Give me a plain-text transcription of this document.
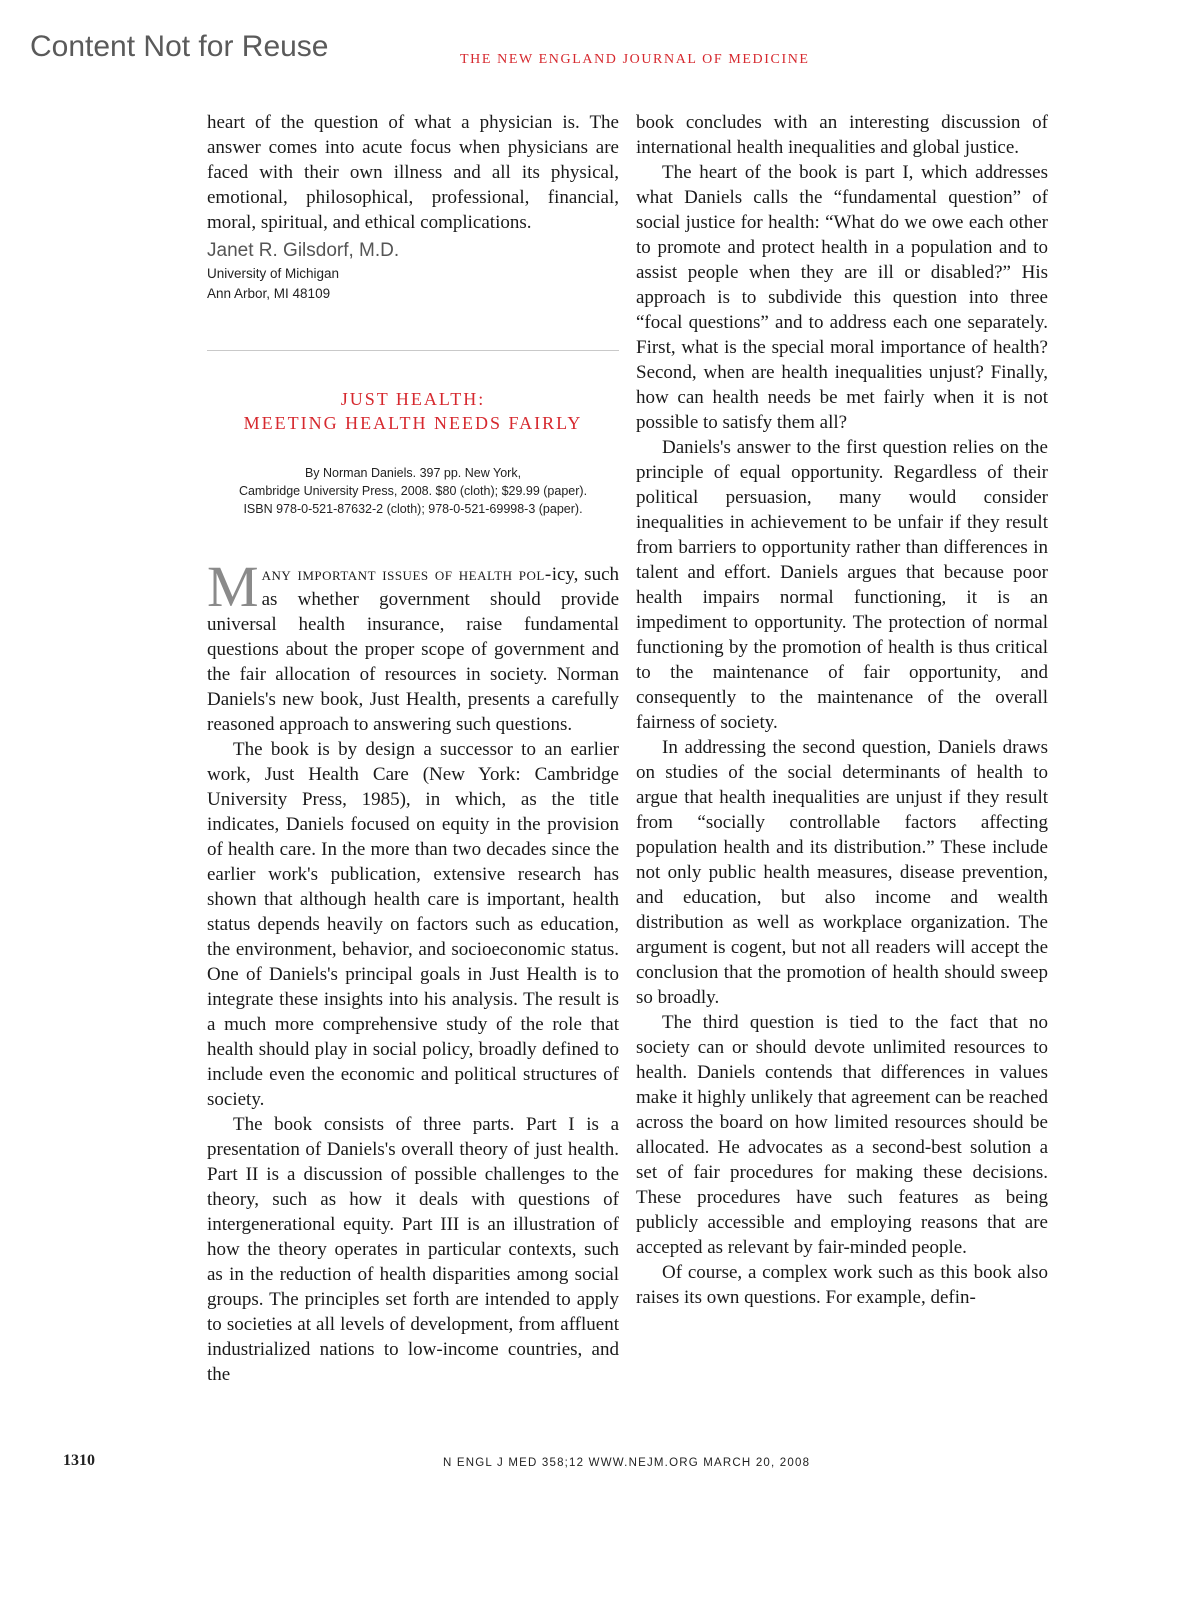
Content Not for Reuse	THE NEW ENGLAND JOURNAL OF MEDICINE

heart of the question of what a physician is. The answer comes into acute focus when physicians are faced with their own illness and all its physical, emotional, philosophical, professional, financial, moral, spiritual, and ethical complications.

Janet R. Gilsdorf, M.D.
University of Michigan
Ann Arbor, MI 48109
JUST HEALTH:
MEETING HEALTH NEEDS FAIRLY
By Norman Daniels. 397 pp. New York,
Cambridge University Press, 2008. $80 (cloth); $29.99 (paper).
ISBN 978-0-521-87632-2 (cloth); 978-0-521-69998-3 (paper).

Many important issues of health pol-icy, such as whether government should provide universal health insurance, raise fundamental questions about the proper scope of government and the fair allocation of resources in society. Norman Daniels's new book, Just Health, presents a carefully reasoned approach to answering such questions.

The book is by design a successor to an earlier work, Just Health Care (New York: Cambridge University Press, 1985), in which, as the title indicates, Daniels focused on equity in the provision of health care. In the more than two decades since the earlier work's publication, extensive research has shown that although health care is important, health status depends heavily on factors such as education, the environment, behavior, and socioeconomic status. One of Daniels's principal goals in Just Health is to integrate these insights into his analysis. The result is a much more comprehensive study of the role that health should play in social policy, broadly defined to include even the economic and political structures of society.

The book consists of three parts. Part I is a presentation of Daniels's overall theory of just health. Part II is a discussion of possible challenges to the theory, such as how it deals with questions of intergenerational equity. Part III is an illustration of how the theory operates in particular contexts, such as in the reduction of health disparities among social groups. The principles set forth are intended to apply to societies at all levels of development, from affluent industrialized nations to low-income countries, and the

book concludes with an interesting discussion of international health inequalities and global justice.

The heart of the book is part I, which addresses what Daniels calls the “fundamental question” of social justice for health: “What do we owe each other to promote and protect health in a population and to assist people when they are ill or disabled?” His approach is to subdivide this question into three “focal questions” and to address each one separately. First, what is the special moral importance of health? Second, when are health inequalities unjust? Finally, how can health needs be met fairly when it is not possible to satisfy them all?

Daniels's answer to the first question relies on the principle of equal opportunity. Regardless of their political persuasion, many would consider inequalities in achievement to be unfair if they result from barriers to opportunity rather than differences in talent and effort. Daniels argues that because poor health impairs normal functioning, it is an impediment to opportunity. The protection of normal functioning by the promotion of health is thus critical to the maintenance of fair opportunity, and consequently to the maintenance of the overall fairness of society.

In addressing the second question, Daniels draws on studies of the social determinants of health to argue that health inequalities are unjust if they result from “socially controllable factors affecting population health and its distribution.” These include not only public health measures, disease prevention, and education, but also income and wealth distribution as well as workplace organization. The argument is cogent, but not all readers will accept the conclusion that the promotion of health should sweep so broadly.

The third question is tied to the fact that no society can or should devote unlimited resources to health. Daniels contends that differences in values make it highly unlikely that agreement can be reached across the board on how limited resources should be allocated. He advocates as a second-best solution a set of fair procedures for making these decisions. These procedures have such features as being publicly accessible and employing reasons that are accepted as relevant by fair-minded people.

Of course, a complex work such as this book also raises its own questions. For example, defin-

1310	N ENGL J MED 358;12 WWW.NEJM.ORG MARCH 20, 2008
